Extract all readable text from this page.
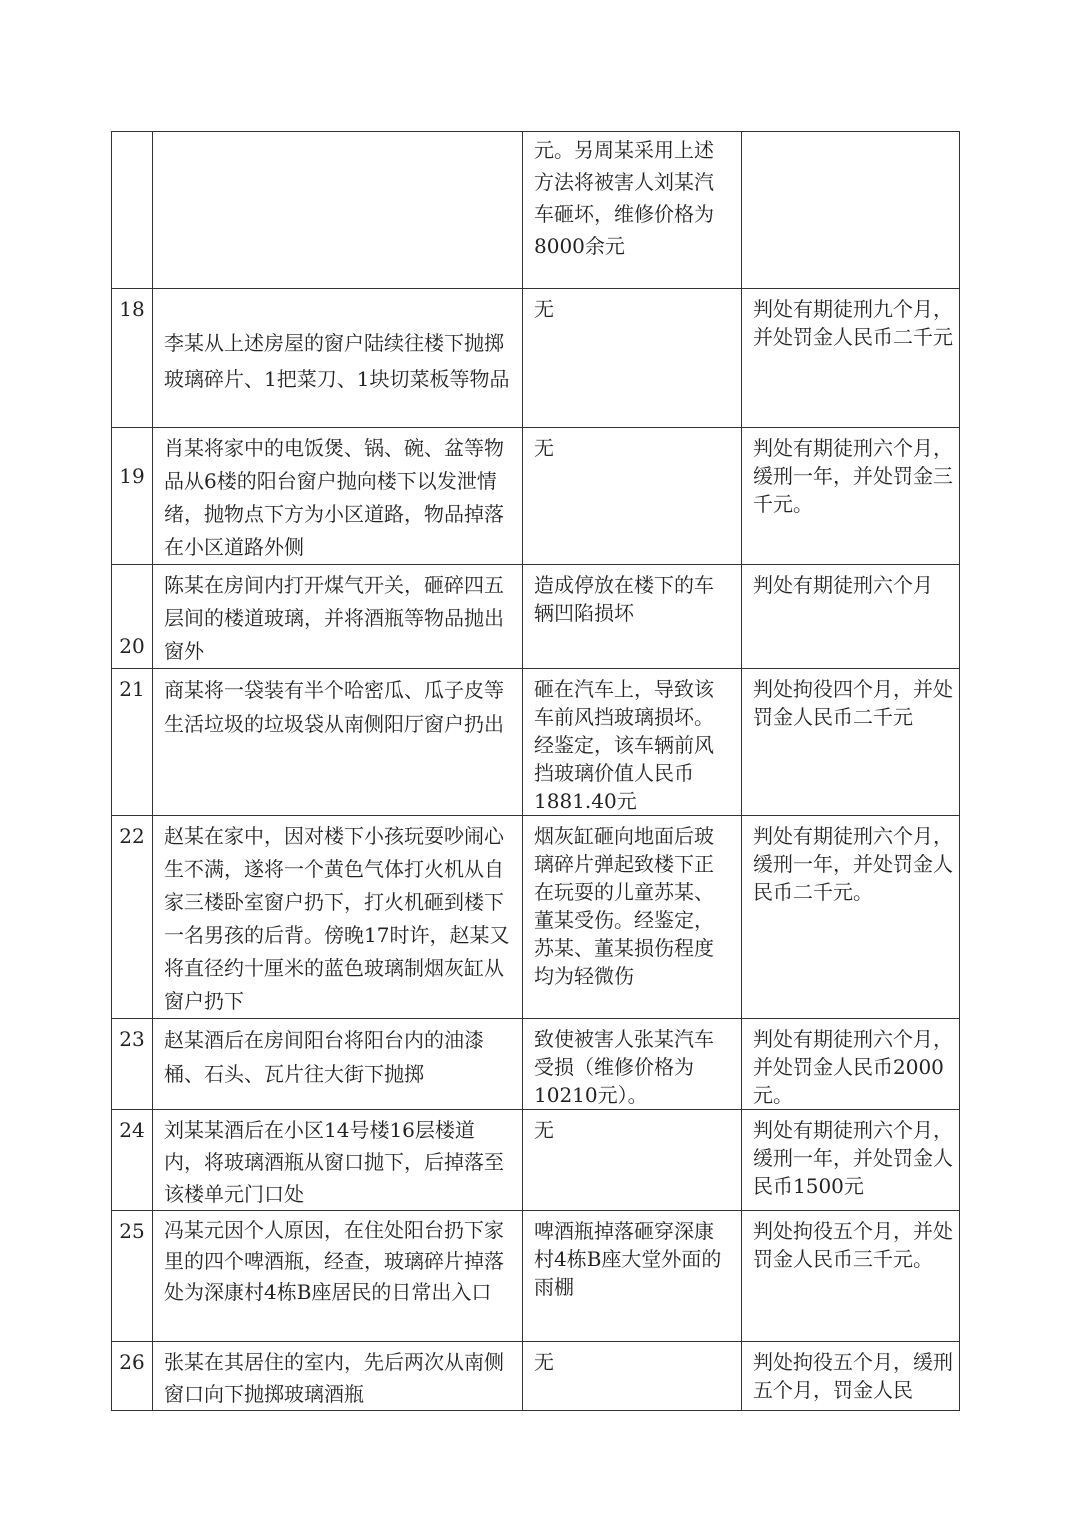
		元。另周某采用上述方法将被害人刘某汽车砸坏，维修价格为8000余元	
18	李某从上述房屋的窗户陆续往楼下抛掷玻璃碎片、1把菜刀、1块切菜板等物品	无	判处有期徒刑九个月，并处罚金人民币二千元
19	肖某将家中的电饭煲、锅、碗、盆等物品从6楼的阳台窗户抛向楼下以发泄情绪，抛物点下方为小区道路，物品掉落在小区道路外侧	无	判处有期徒刑六个月，缓刑一年，并处罚金三千元。
20	陈某在房间内打开煤气开关，砸碎四五层间的楼道玻璃，并将酒瓶等物品抛出窗外	造成停放在楼下的车辆凹陷损坏	判处有期徒刑六个月
21	商某将一袋装有半个哈密瓜、瓜子皮等生活垃圾的垃圾袋从南侧阳厅窗户扔出	砸在汽车上，导致该车前风挡玻璃损坏。经鉴定，该车辆前风挡玻璃价值人民币1881.40元	判处拘役四个月，并处罚金人民币二千元
22	赵某在家中，因对楼下小孩玩耍吵闹心生不满，遂将一个黄色气体打火机从自家三楼卧室窗户扔下，打火机砸到楼下一名男孩的后背。傍晚17时许，赵某又将直径约十厘米的蓝色玻璃制烟灰缸从窗户扔下	烟灰缸砸向地面后玻璃碎片弹起致楼下正在玩耍的儿童苏某、董某受伤。经鉴定，苏某、董某损伤程度均为轻微伤	判处有期徒刑六个月，缓刑一年，并处罚金人民币二千元。
23	赵某酒后在房间阳台将阳台内的油漆桶、石头、瓦片往大街下抛掷	致使被害人张某汽车受损（维修价格为10210元）。	判处有期徒刑六个月，并处罚金人民币2000元。
24	刘某某酒后在小区14号楼16层楼道内，将玻璃酒瓶从窗口抛下，后掉落至该楼单元门口处	无	判处有期徒刑六个月，缓刑一年，并处罚金人民币1500元
25	冯某元因个人原因，在住处阳台扔下家里的四个啤酒瓶，经查，玻璃碎片掉落处为深康村4栋B座居民的日常出入口	啤酒瓶掉落砸穿深康村4栋B座大堂外面的雨棚	判处拘役五个月，并处罚金人民币三千元。
26	张某在其居住的室内，先后两次从南侧窗口向下抛掷玻璃酒瓶	无	判处拘役五个月，缓刑五个月，罚金人民
